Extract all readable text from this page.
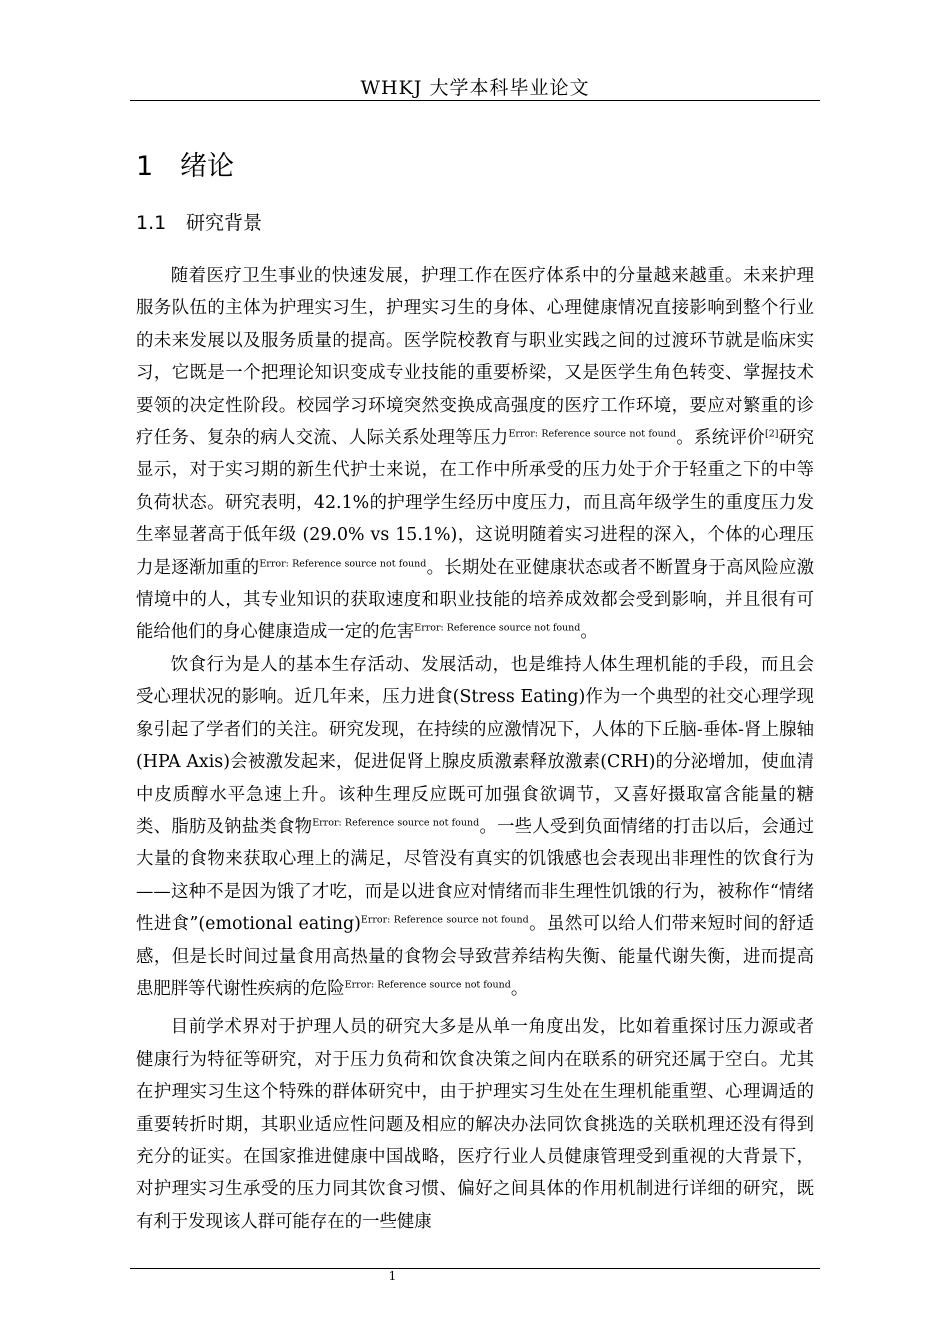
WHKJ 大学本科毕业论文
1 绪论
1.1 研究背景

随着医疗卫生事业的快速发展，护理工作在医疗体系中的分量越来越重。未来护理服务队伍的主体为护理实习生，护理实习生的身体、心理健康情况直接影响到整个行业的未来发展以及服务质量的提高。医学院校教育与职业实践之间的过渡环节就是临床实习，它既是一个把理论知识变成专业技能的重要桥梁，又是医学生角色转变、掌握技术要领的决定性阶段。校园学习环境突然变换成高强度的医疗工作环境，要应对繁重的诊疗任务、复杂的病人交流、人际关系处理等压力$^{Error: Reference source not found}$。系统评价[2]研究显示，对于实习期的新生代护士来说，在工作中所承受的压力处于介于轻重之下的中等负荷状态。研究表明，42.1%的护理学生经历中度压力，而且高年级学生的重度压力发生率显著高于低年级 (29.0% vs 15.1%)，这说明随着实习进程的深入，个体的心理压力是逐渐加重的$^{Error: Reference source not found}$。长期处在亚健康状态或者不断置身于高风险应激情境中的人，其专业知识的获取速度和职业技能的培养成效都会受到影响，并且很有可能给他们的身心健康造成一定的危害$^{Error: Reference source not found}$。

饮食行为是人的基本生存活动、发展活动，也是维持人体生理机能的手段，而且会受心理状况的影响。近几年来，压力进食(Stress Eating)作为一个典型的社交心理学现象引起了学者们的关注。研究发现，在持续的应激情况下，人体的下丘脑-垂体-肾上腺轴(HPA Axis)会被激发起来，促进促肾上腺皮质激素释放激素(CRH)的分泌增加，使血清中皮质醇水平急速上升。该种生理反应既可加强食欲调节，又喜好摄取富含能量的糖类、脂肪及钠盐类食物$^{Error: Reference source not found}$。一些人受到负面情绪的打击以后，会通过大量的食物来获取心理上的满足，尽管没有真实的饥饿感也会表现出非理性的饮食行为——这种不是因为饿了才吃，而是以进食应对情绪而非生理性饥饿的行为，被称作“情绪性进食”(emotional eating)$^{Error: Reference source not found}$。虽然可以给人们带来短时间的舒适感，但是长时间过量食用高热量的食物会导致营养结构失衡、能量代谢失衡，进而提高患肥胖等代谢性疾病的危险$^{Error: Reference source not found}$。

目前学术界对于护理人员的研究大多是从单一角度出发，比如着重探讨压力源或者健康行为特征等研究，对于压力负荷和饮食决策之间内在联系的研究还属于空白。尤其在护理实习生这个特殊的群体研究中，由于护理实习生处在生理机能重塑、心理调适的重要转折时期，其职业适应性问题及相应的解决办法同饮食挑选的关联机理还没有得到充分的证实。在国家推进健康中国战略，医疗行业人员健康管理受到重视的大背景下，对护理实习生承受的压力同其饮食习惯、偏好之间具体的作用机制进行详细的研究，既有利于发现该人群可能存在的一些健康

1
